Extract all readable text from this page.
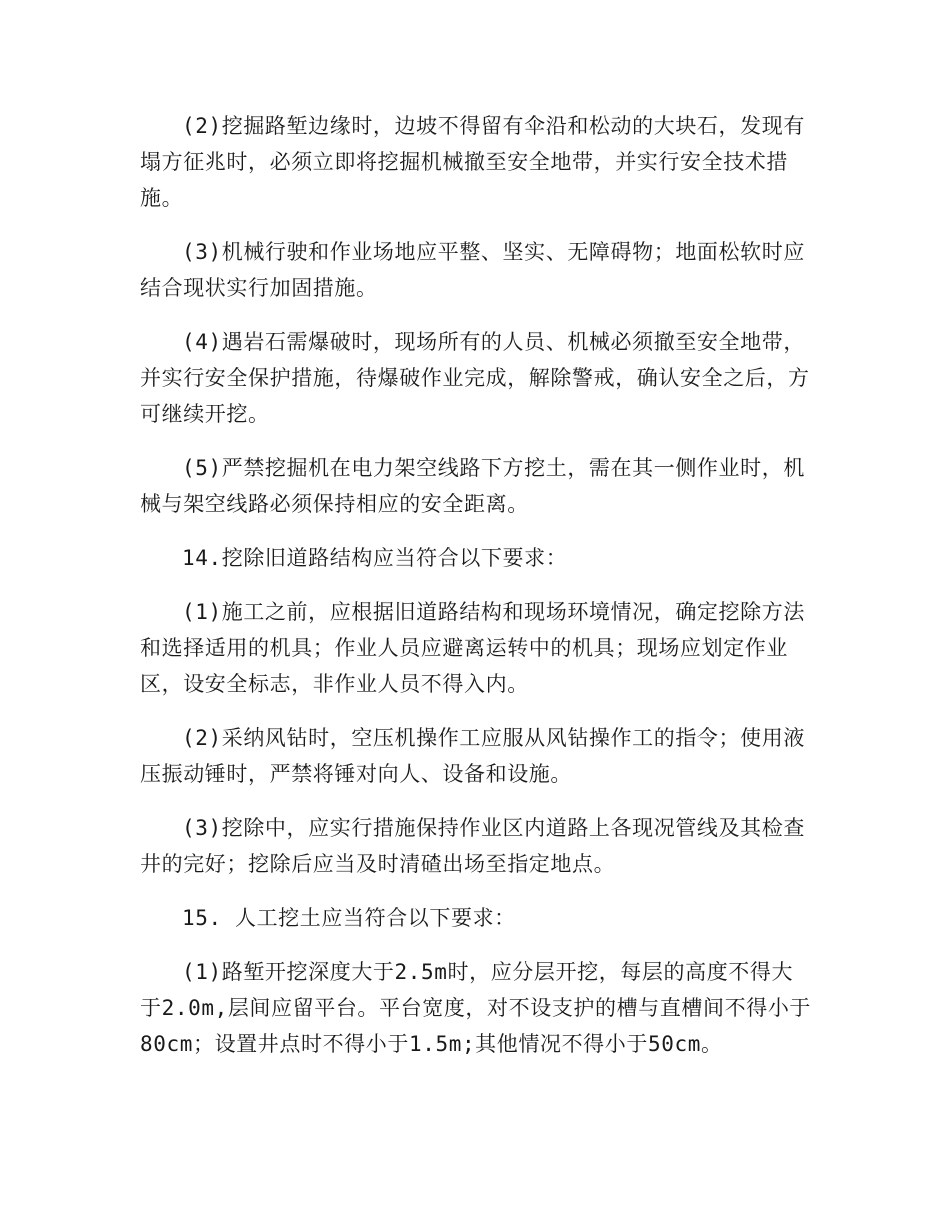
(2)挖掘路堑边缘时，边坡不得留有伞沿和松动的大块石，发现有塌方征兆时，必须立即将挖掘机械撤至安全地带，并实行安全技术措施。

(3)机械行驶和作业场地应平整、坚实、无障碍物；地面松软时应结合现状实行加固措施。

(4)遇岩石需爆破时，现场所有的人员、机械必须撤至安全地带，并实行安全保护措施，待爆破作业完成，解除警戒，确认安全之后，方可继续开挖。

(5)严禁挖掘机在电力架空线路下方挖土，需在其一侧作业时，机械与架空线路必须保持相应的安全距离。

14.挖除旧道路结构应当符合以下要求：

(1)施工之前，应根据旧道路结构和现场环境情况，确定挖除方法和选择适用的机具；作业人员应避离运转中的机具；现场应划定作业区，设安全标志，非作业人员不得入内。

(2)采纳风钻时，空压机操作工应服从风钻操作工的指令；使用液压振动锤时，严禁将锤对向人、设备和设施。

(3)挖除中，应实行措施保持作业区内道路上各现况管线及其检查井的完好；挖除后应当及时清碴出场至指定地点。

15. 人工挖土应当符合以下要求：

(1)路堑开挖深度大于2.5m时，应分层开挖，每层的高度不得大于2.0m,层间应留平台。平台宽度，对不设支护的槽与直槽间不得小于80cm；设置井点时不得小于1.5m;其他情况不得小于50cm。
